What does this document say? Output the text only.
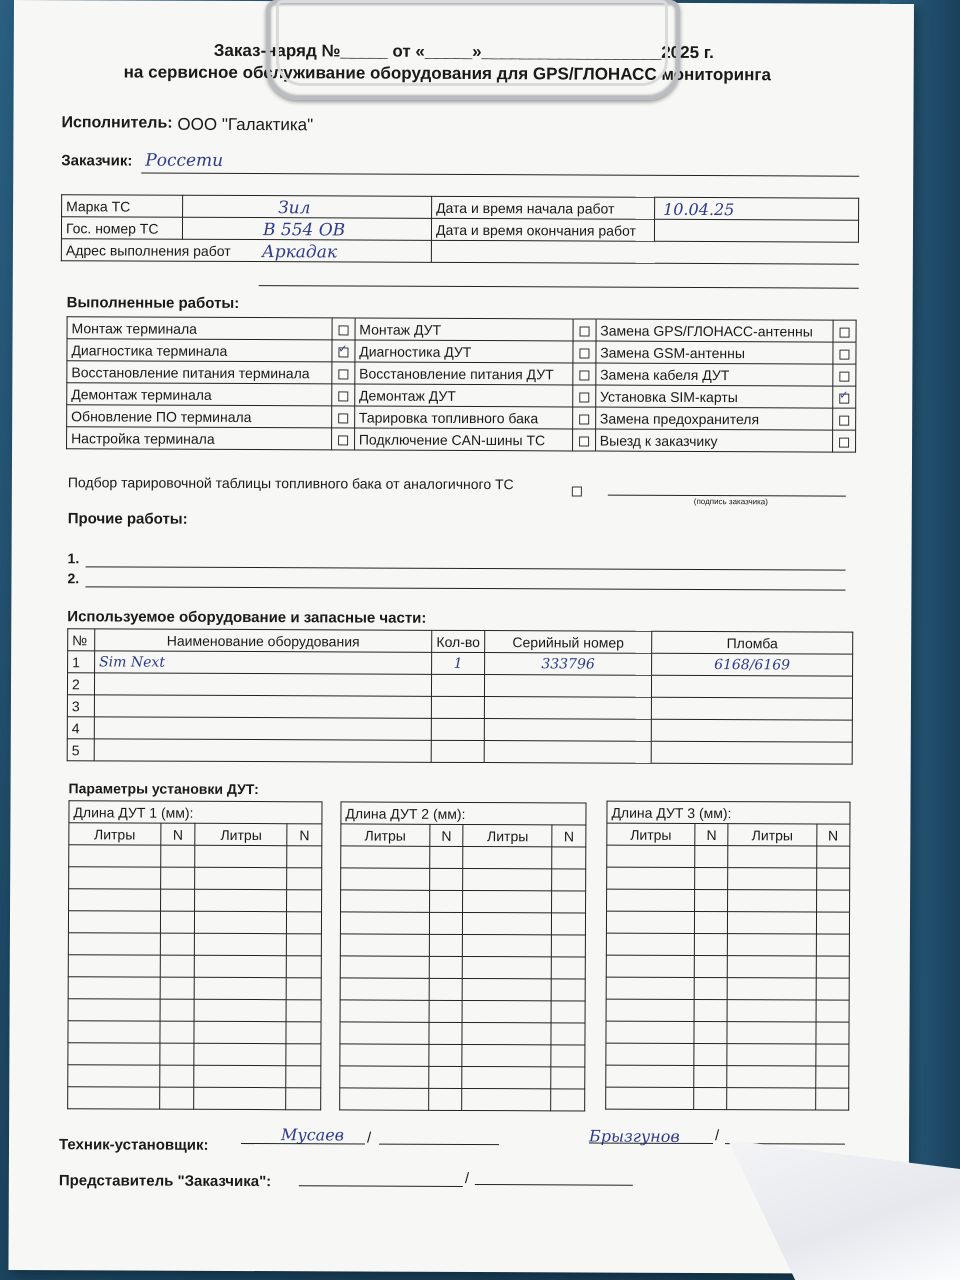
Заказ-наряд №_____ от «_____»___________________2025 г.
на сервисное обслуживание оборудования для GPS/ГЛОНАСС мониторинга
Исполнитель: ООО "Галактика"
Заказчик: Россети
Марка ТС	Зил	Дата и время начала работ	10.04.25

Гос. номер ТС	В 554 ОВ	Дата и время окончания работ	
Адрес выполнения работ Аркадак			

Выполненные работы:
Монтаж терминала		Монтаж ДУТ		Замена GPS/ГЛОНАСС-антенны	
Диагностика терминала	✓	Диагностика ДУТ		Замена GSM-антенны	
Восстановление питания терминала		Восстановление питания ДУТ		Замена кабеля ДУТ	
Демонтаж терминала		Демонтаж ДУТ		Установка SIM-карты	✓
Обновление ПО терминала		Тарировка топливного бака		Замена предохранителя	
Настройка терминала		Подключение CAN-шины ТС		Выезд к заказчику	
Подбор тарировочной таблицы топливного бака от аналогичного ТС
(подпись заказчика)
Прочие работы:
1.
2.
Используемое оборудование и запасные части:
№	Наименование оборудования	Кол-во	Серийный номер	Пломба
1	Sim Next	1	333796	6168/6169
2				
3				
4				
5				
Параметры установки ДУТ:
Длина ДУТ 1 (мм):			
Литры	N	Литры	N

Длина ДУТ 2 (мм):			
Литры	N	Литры	N

Длина ДУТ 3 (мм):			
Литры	N	Литры	N

Техник-установщик:
Мусаев /	Брызгунов /
Представитель "Заказчика":	/
